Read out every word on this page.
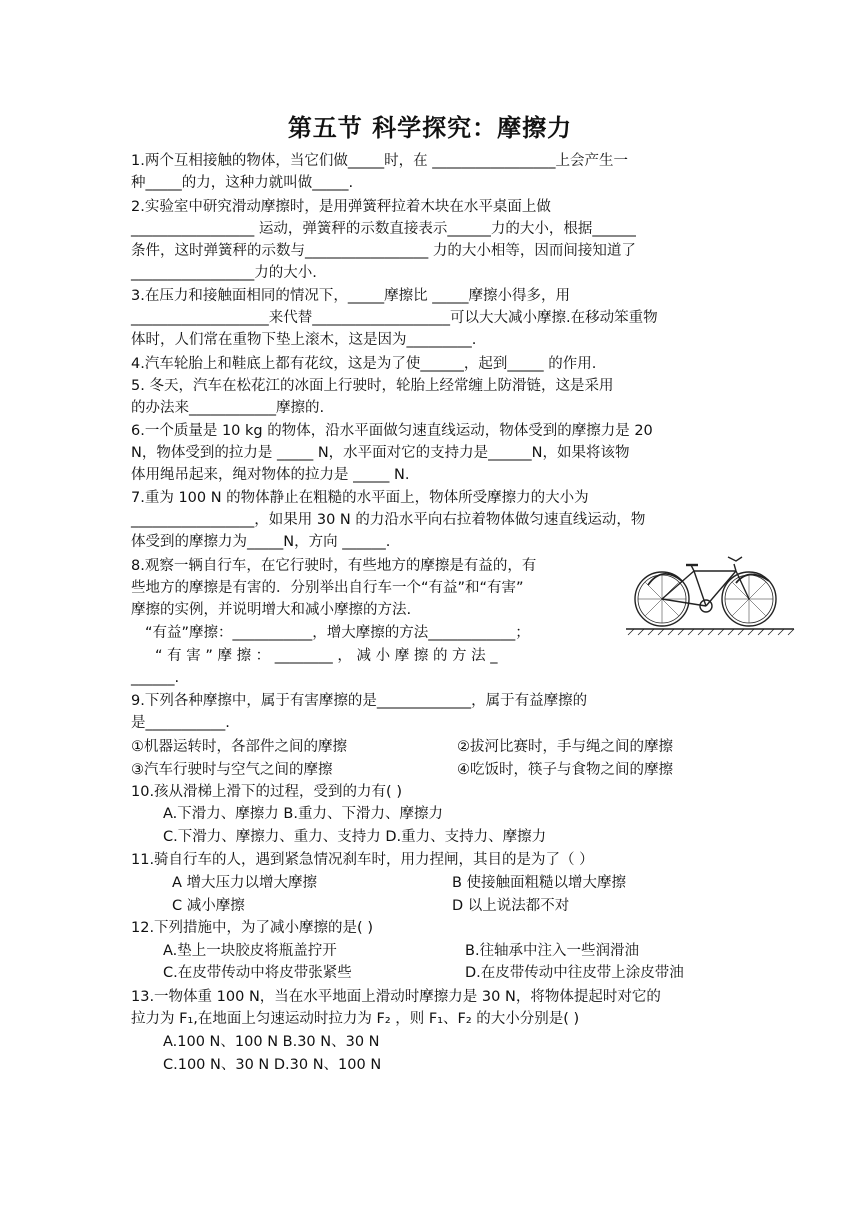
第五节 科学探究：摩擦力
1.两个互相接触的物体，当它们做_____时，在 _________________上会产生一
种_____的力，这种力就叫做_____.
2.实验室中研究滑动摩擦时，是用弹簧秤拉着木块在水平桌面上做
_________________ 运动，弹簧秤的示数直接表示______力的大小，根据______
条件，这时弹簧秤的示数与_________________ 力的大小相等，因而间接知道了
_________________力的大小.
3.在压力和接触面相同的情况下，_____摩擦比 _____摩擦小得多，用
___________________来代替___________________可以大大减小摩擦.在移动笨重物
体时，人们常在重物下垫上滚木，这是因为_________.
4.汽车轮胎上和鞋底上都有花纹，这是为了使______，起到_____ 的作用.
5. 冬天，汽车在松花江的冰面上行驶时，轮胎上经常缠上防滑链，这是采用
的办法来____________摩擦的.
6.一个质量是 10 kg 的物体，沿水平面做匀速直线运动，物体受到的摩擦力是 20
N，物体受到的拉力是 _____ N，水平面对它的支持力是______N，如果将该物
体用绳吊起来，绳对物体的拉力是 _____ N.
7.重为 100 N 的物体静止在粗糙的水平面上，物体所受摩擦力的大小为
_________________，如果用 30 N 的力沿水平向右拉着物体做匀速直线运动，物
体受到的摩擦力为_____N，方向 ______.
8.观察一辆自行车，在它行驶时，有些地方的摩擦是有益的，有
些地方的摩擦是有害的．分别举出自行车一个“有益”和“有害”
摩擦的实例，并说明增大和减小摩擦的方法.
“有益”摩擦：___________，增大摩擦的方法____________；
“ 有 害 ” 摩 擦 ： ________ ， 减 小 摩 擦 的 方 法 _
______.
9.下列各种摩擦中，属于有害摩擦的是_____________，属于有益摩擦的
是___________.
①机器运转时，各部件之间的摩擦	②拔河比赛时，手与绳之间的摩擦
③汽车行驶时与空气之间的摩擦	④吃饭时，筷子与食物之间的摩擦
10.孩从滑梯上滑下的过程，受到的力有( )
A.下滑力、摩擦力 B.重力、下滑力、摩擦力
C.下滑力、摩擦力、重力、支持力 D.重力、支持力、摩擦力
11.骑自行车的人，遇到紧急情况刹车时，用力捏闸，其目的是为了（ ）
A 增大压力以增大摩擦	B 使接触面粗糙以增大摩擦
C 减小摩擦	D 以上说法都不对
12.下列措施中，为了减小摩擦的是( )
A.垫上一块胶皮将瓶盖拧开	B.往轴承中注入一些润滑油
C.在皮带传动中将皮带张紧些	D.在皮带传动中往皮带上涂皮带油
13.一物体重 100 N，当在水平地面上滑动时摩擦力是 30 N，将物体提起时对它的
拉力为 F₁,在地面上匀速运动时拉力为 F₂ ，则 F₁、F₂ 的大小分别是( )
A.100 N、100 N B.30 N、30 N
C.100 N、30 N D.30 N、100 N
